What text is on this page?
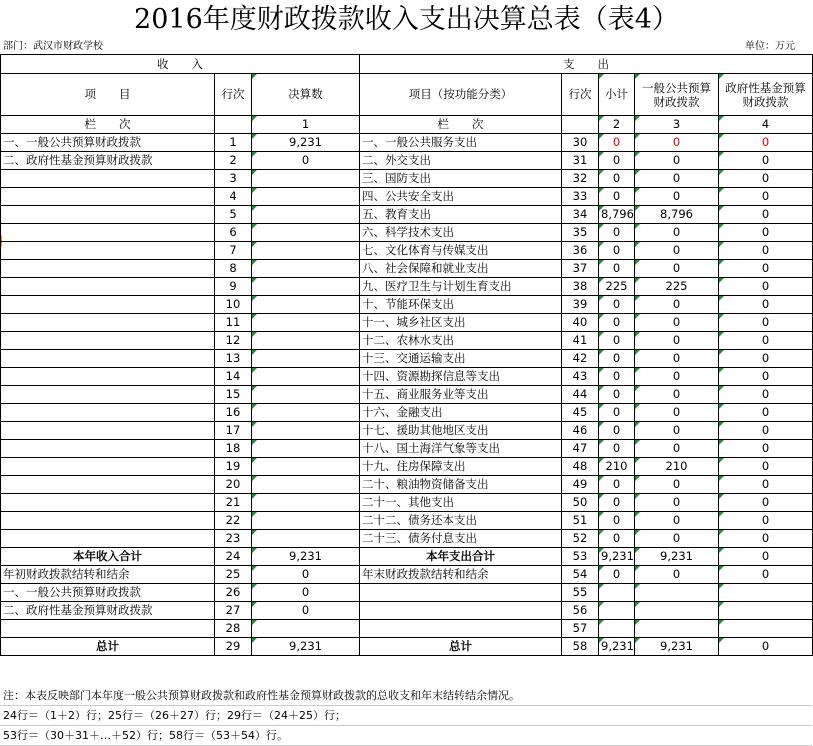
2016年度财政拨款收入支出决算总表（表4）
部门：武汉市财政学校	单位：万元
收　　入			支　　出				
项　　目	行次	决算数	项目（按功能分类）	行次	小计	一般公共预算财政拨款	政府性基金预算财政拨款
栏　　次		1	栏　　次		2	3	4
一、一般公共预算财政拨款	1	9,231	一、一般公共服务支出	30	0	0	0
二、政府性基金预算财政拨款	2	0	二、外交支出	31	0	0	0
	3		三、国防支出	32	0	0	0
	4		四、公共安全支出	33	0	0	0
	5		五、教育支出	34	8,796	8,796	0
	6		六、科学技术支出	35	0	0	0
	7		七、文化体育与传媒支出	36	0	0	0
	8		八、社会保障和就业支出	37	0	0	0
	9		九、医疗卫生与计划生育支出	38	225	225	0
	10		十、节能环保支出	39	0	0	0
	11		十一、城乡社区支出	40	0	0	0
	12		十二、农林水支出	41	0	0	0
	13		十三、交通运输支出	42	0	0	0
	14		十四、资源勘探信息等支出	43	0	0	0
	15		十五、商业服务业等支出	44	0	0	0
	16		十六、金融支出	45	0	0	0
	17		十七、援助其他地区支出	46	0	0	0
	18		十八、国土海洋气象等支出	47	0	0	0
	19		十九、住房保障支出	48	210	210	0
	20		二十、粮油物资储备支出	49	0	0	0
	21		二十一、其他支出	50	0	0	0
	22		二十二、债务还本支出	51	0	0	0
	23		二十三、债务付息支出	52	0	0	0
本年收入合计	24	9,231	本年支出合计	53	9,231	9,231	0
年初财政拨款结转和结余	25	0	年末财政拨款结转和结余	54	0	0	0
一、一般公共预算财政拨款	26	0		55			
二、政府性基金预算财政拨款	27	0		56			
	28			57			
总计	29	9,231	总计	58	9,231	9,231	0
注：本表反映部门本年度一般公共预算财政拨款和政府性基金预算财政拨款的总收支和年末结转结余情况。
24行＝（1＋2）行；25行＝（26＋27）行；29行＝（24＋25）行；
53行＝（30＋31＋…＋52）行；58行＝（53＋54）行。
